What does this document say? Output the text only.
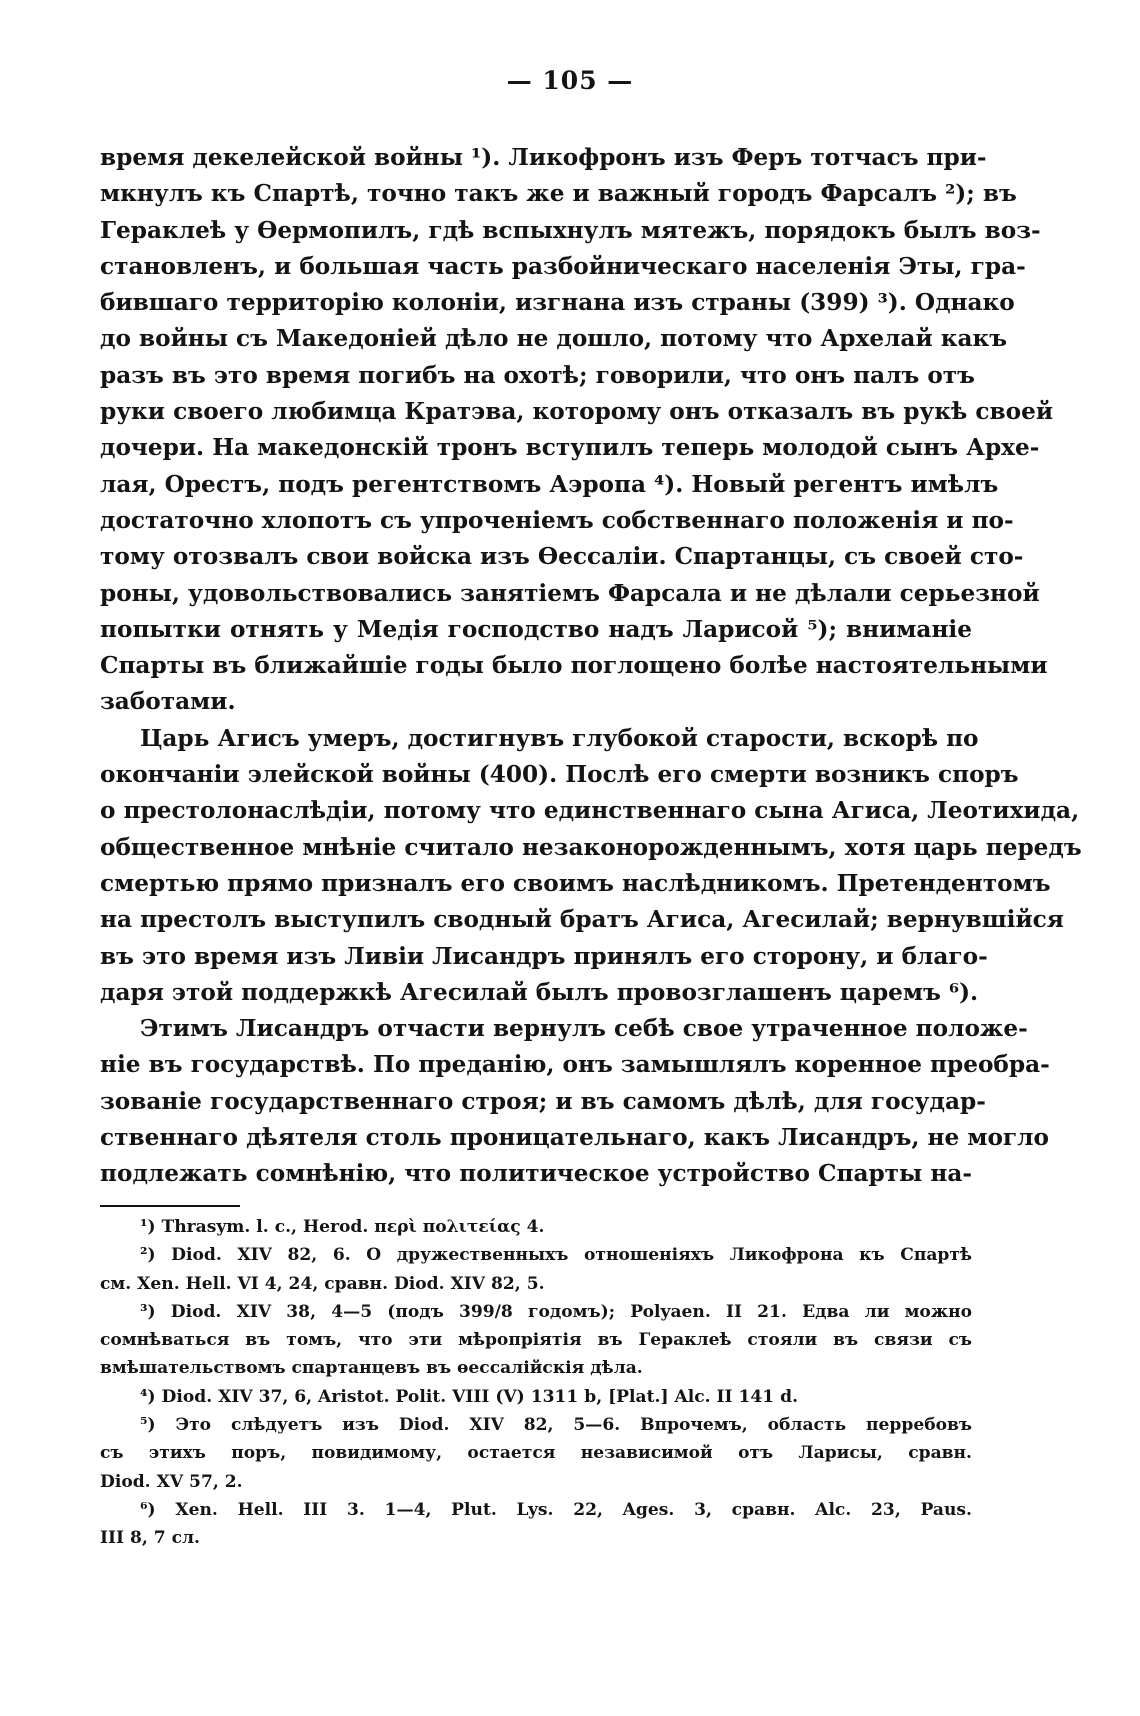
— 105 —

время декелейской войны ¹). Ликофронъ изъ Феръ тотчасъ при-
мкнулъ къ Спартѣ, точно такъ же и важный городъ Фарсалъ ²); въ
Гераклеѣ у Өермопилъ, гдѣ вспыхнулъ мятежъ, порядокъ былъ воз-
становленъ, и большая часть разбойническаго населенія Эты, гра-
бившаго территорію колоніи, изгнана изъ страны (399) ³). Однако
до войны съ Македоніей дѣло не дошло, потому что Архелай какъ
разъ въ это время погибъ на охотѣ; говорили, что онъ палъ отъ
руки своего любимца Кратэва, которому онъ отказалъ въ рукѣ своей
дочери. На македонскій тронъ вступилъ теперь молодой сынъ Архе-
лая, Орестъ, подъ регентствомъ Аэропа ⁴). Новый регентъ имѣлъ
достаточно хлопотъ съ упроченіемъ собственнаго положенія и по-
тому отозвалъ свои войска изъ Өессаліи. Спартанцы, съ своей сто-
роны, удовольствовались занятіемъ Фарсала и не дѣлали серьезной
попытки отнять у Медія господство надъ Ларисой ⁵); вниманіе
Спарты въ ближайшіе годы было поглощено болѣе настоятельными
заботами.

Царь Агисъ умеръ, достигнувъ глубокой старости, вскорѣ по
окончаніи элейской войны (400). Послѣ его смерти возникъ споръ
о престолонаслѣдіи, потому что единственнаго сына Агиса, Леотихида,
общественное мнѣніе считало незаконорожденнымъ, хотя царь передъ
смертью прямо призналъ его своимъ наслѣдникомъ. Претендентомъ
на престолъ выступилъ сводный братъ Агиса, Агесилай; вернувшійся
въ это время изъ Ливіи Лисандръ принялъ его сторону, и благо-
даря этой поддержкѣ Агесилай былъ провозглашенъ царемъ ⁶).

Этимъ Лисандръ отчасти вернулъ себѣ свое утраченное положе-
ніе въ государствѣ. По преданію, онъ замышлялъ коренное преобра-
зованіе государственнаго строя; и въ самомъ дѣлѣ, для государ-
ственнаго дѣятеля столь проницательнаго, какъ Лисандръ, не могло
подлежать сомнѣнію, что политическое устройство Спарты на-

¹) Thrasym. l. c., Herod. περὶ πολιτείας 4.
²) Diod. XIV 82, 6. О дружественныхъ отношеніяхъ Ликофрона къ Спартѣ
см. Xen. Hell. VI 4, 24, сравн. Diod. XIV 82, 5.
³) Diod. XIV 38, 4—5 (подъ 399/8 годомъ); Polyaen. II 21. Едва ли можно
сомнѣваться въ томъ, что эти мѣропріятія въ Гераклеѣ стояли въ связи съ
вмѣшательствомъ спартанцевъ въ өессалійскія дѣла.
⁴) Diod. XIV 37, 6, Aristot. Polit. VIII (V) 1311 b, [Plat.] Alc. II 141 d.
⁵) Это слѣдуетъ изъ Diod. XIV 82, 5—6. Впрочемъ, область перребовъ
съ этихъ поръ, повидимому, остается независимой отъ Ларисы, сравн.
Diod. XV 57, 2.
⁶) Xen. Hell. III 3. 1—4, Plut. Lys. 22, Ages. 3, сравн. Alc. 23, Paus.
III 8, 7 сл.
